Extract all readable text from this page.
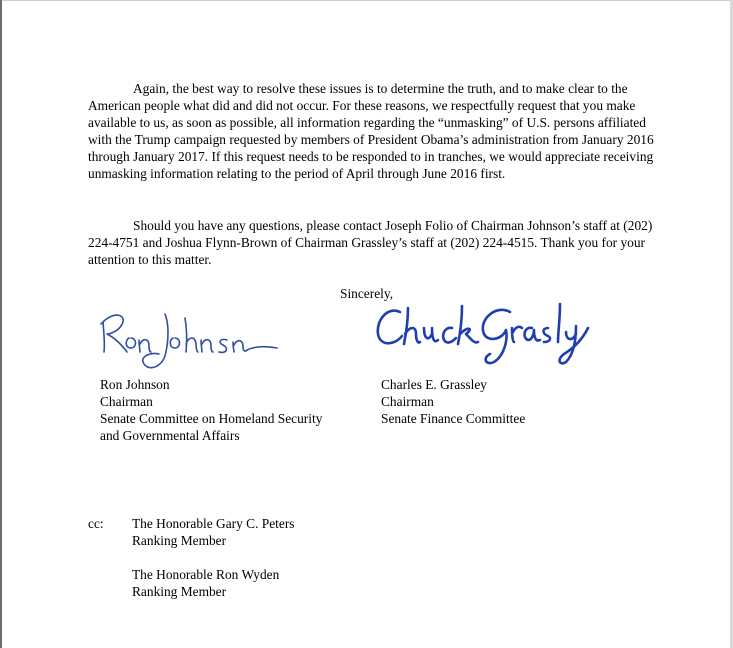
Again, the best way to resolve these issues is to determine the truth, and to make clear to the American people what did and did not occur. For these reasons, we respectfully request that you make available to us, as soon as possible, all information regarding the “unmasking” of U.S. persons affiliated with the Trump campaign requested by members of President Obama’s administration from January 2016 through January 2017. If this request needs to be responded to in tranches, we would appreciate receiving unmasking information relating to the period of April through June 2016 first.

Should you have any questions, please contact Joseph Folio of Chairman Johnson’s staff at (202) 224-4751 and Joshua Flynn-Brown of Chairman Grassley’s staff at (202) 224-4515. Thank you for your attention to this matter.

Sincerely,
Ron Johnson
Chairman
Senate Committee on Homeland Security
and Governmental Affairs
Charles E. Grassley
Chairman
Senate Finance Committee
cc: The Honorable Gary C. Peters
Ranking Member
The Honorable Ron Wyden
Ranking Member
